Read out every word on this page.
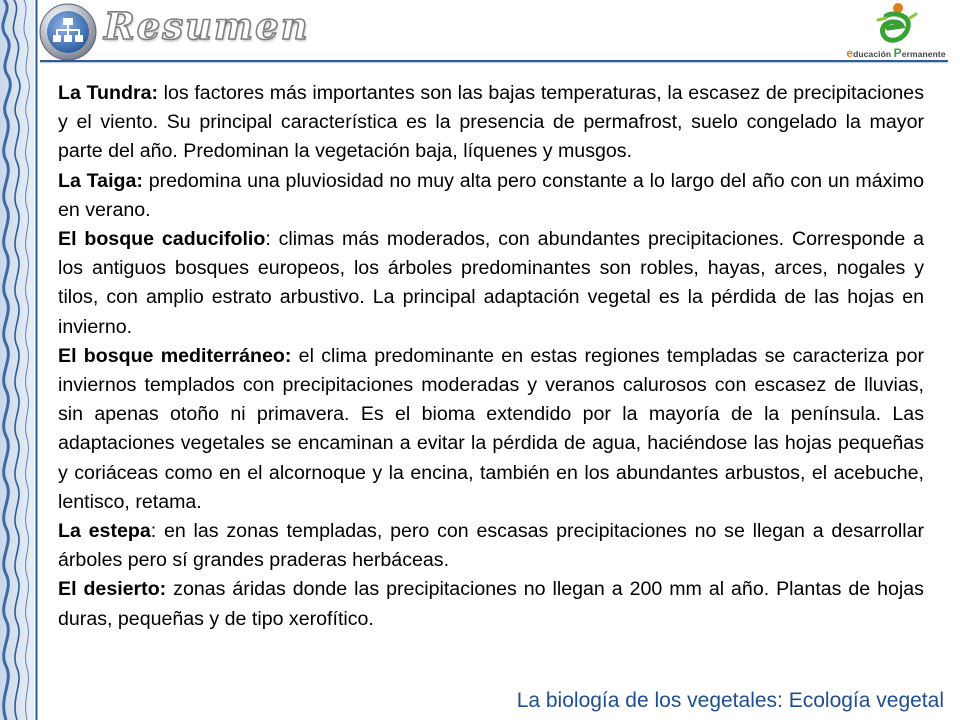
Resumen
educación Permanente

La Tundra: los factores más importantes son las bajas temperaturas, la escasez de precipitaciones y el viento. Su principal característica es la presencia de permafrost, suelo congelado la mayor parte del año. Predominan la vegetación baja, líquenes y musgos.

La Taiga: predomina una pluviosidad no muy alta pero constante a lo largo del año con un máximo en verano.

El bosque caducifolio: climas más moderados, con abundantes precipitaciones. Corresponde a los antiguos bosques europeos, los árboles predominantes son robles, hayas, arces, nogales y tilos, con amplio estrato arbustivo. La principal adaptación vegetal es la pérdida de las hojas en invierno.

El bosque mediterráneo: el clima predominante en estas regiones templadas se caracteriza por inviernos templados con precipitaciones moderadas y veranos calurosos con escasez de lluvias, sin apenas otoño ni primavera. Es el bioma extendido por la mayoría de la península. Las adaptaciones vegetales se encaminan a evitar la pérdida de agua, haciéndose las hojas pequeñas y coriáceas como en el alcornoque y la encina, también en los abundantes arbustos, el acebuche, lentisco, retama.

La estepa: en las zonas templadas, pero con escasas precipitaciones no se llegan a desarrollar árboles pero sí grandes praderas herbáceas.

El desierto: zonas áridas donde las precipitaciones no llegan a 200 mm al año. Plantas de hojas duras, pequeñas y de tipo xerofítico.

La biología de los vegetales: Ecología vegetal
